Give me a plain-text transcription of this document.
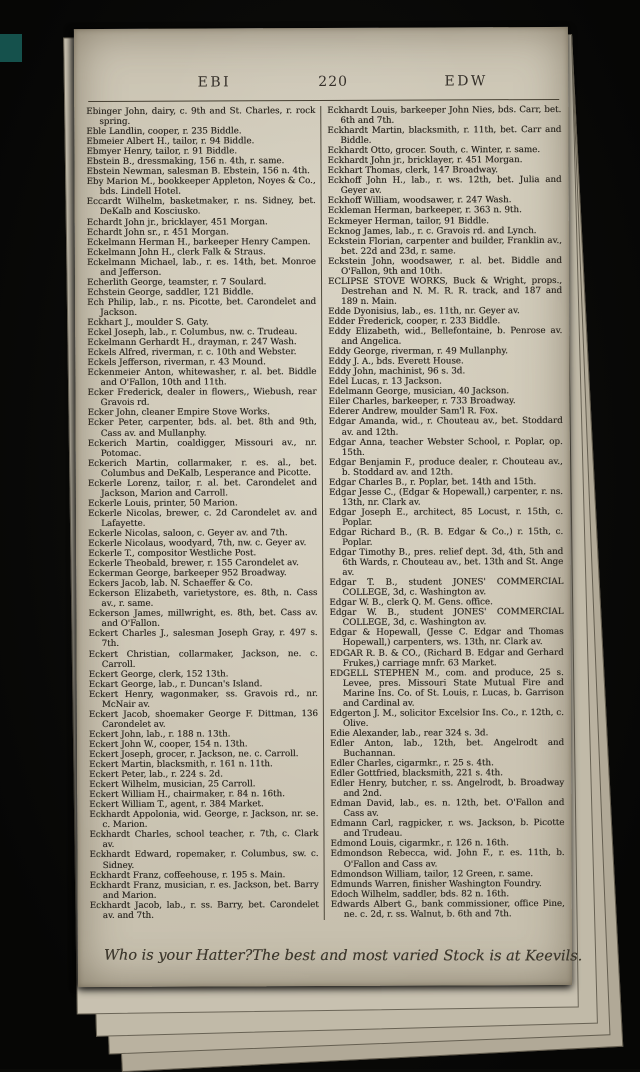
EBI	220	EDW
Ebinger John, dairy, c. 9th and St. Charles, r. rock spring.
Eble Landlin, cooper, r. 235 Biddle.
Ebmeier Albert H., tailor, r. 94 Biddle.
Ebmyer Henry, tailor, r. 91 Biddle.
Ebstein B., dressmaking, 156 n. 4th, r. same.
Ebstein Newman, salesman B. Ebstein, 156 n. 4th.
Eby Marion M., bookkeeper Appleton, Noyes & Co., bds. Lindell Hotel.
Eccardt Wilhelm, basketmaker, r. ns. Sidney, bet. DeKalb and Kosciusko.
Echardt John jr., bricklayer, 451 Morgan.
Echardt John sr., r. 451 Morgan.
Eckelmann Herman H., barkeeper Henry Campen.
Eckelmann John H., clerk Falk & Straus.
Eckelmann Michael, lab., r. es. 14th, bet. Monroe and Jefferson.
Echerlith George, teamster, r. 7 Soulard.
Echstein George, saddler, 121 Biddle.
Ech Philip, lab., r. ns. Picotte, bet. Carondelet and Jackson.
Eckhart J., moulder S. Gaty.
Eckel Joseph, lab., r. Columbus, nw. c. Trudeau.
Eckelmann Gerhardt H., drayman, r. 247 Wash.
Eckels Alfred, riverman, r. c. 10th and Webster.
Eckels Jefferson, riverman, r. 43 Mound.
Eckenmeier Anton, whitewasher, r. al. bet. Biddle and O'Fallon, 10th and 11th.
Ecker Frederick, dealer in flowers,, Wiebush, rear Gravois rd.
Ecker John, cleaner Empire Stove Works.
Ecker Peter, carpenter, bds. al. bet. 8th and 9th, Cass av. and Mullanphy.
Eckerich Martin, coaldigger, Missouri av., nr. Potomac.
Eckerich Martin, collarmaker, r. es. al., bet. Columbus and DeKalb, Lesperance and Picotte.
Eckerle Lorenz, tailor, r. al. bet. Carondelet and Jackson, Marion and Carroll.
Eckerle Louis, printer, 50 Marion.
Eckerle Nicolas, brewer, c. 2d Carondelet av. and Lafayette.
Eckerle Nicolas, saloon, c. Geyer av. and 7th.
Eckerle Nicolaus, woodyard, 7th, nw. c. Geyer av.
Eckerle T., compositor Westliche Post.
Eckerle Theobald, brewer, r. 155 Carondelet av.
Eckerman George, barkeeper 952 Broadway.
Eckers Jacob, lab. N. Schaeffer & Co.
Eckerson Elizabeth, varietystore, es. 8th, n. Cass av., r. same.
Eckerson James, millwright, es. 8th, bet. Cass av. and O'Fallon.
Eckert Charles J., salesman Joseph Gray, r. 497 s. 7th.
Eckert Christian, collarmaker, Jackson, ne. c. Carroll.
Eckert George, clerk, 152 13th.
Eckart George, lab., r. Duncan's Island.
Eckert Henry, wagonmaker, ss. Gravois rd., nr. McNair av.
Eckert Jacob, shoemaker George F. Dittman, 136 Carondelet av.
Eckert John, lab., r. 188 n. 13th.
Eckert John W., cooper, 154 n. 13th.
Eckert Joseph, grocer, r. Jackson, ne. c. Carroll.
Eckert Martin, blacksmith, r. 161 n. 11th.
Eckert Peter, lab., r. 224 s. 2d.
Eckert Wilhelm, musician, 25 Carroll.
Eckert William H., chairmaker, r. 84 n. 16th.
Eckert William T., agent, r. 384 Market.
Eckhardt Appolonia, wid. George, r. Jackson, nr. se. c. Marion.
Eckhardt Charles, school teacher, r. 7th, c. Clark av.
Eckhardt Edward, ropemaker, r. Columbus, sw. c. Sidney.
Eckhardt Franz, coffeehouse, r. 195 s. Main.
Eckhardt Franz, musician, r. es. Jackson, bet. Barry and Marion.
Eckhardt Jacob, lab., r. ss. Barry, bet. Carondelet av. and 7th.
Eckhardt Louis, barkeeper John Nies, bds. Carr, bet. 6th and 7th.
Eckhardt Martin, blacksmith, r. 11th, bet. Carr and Biddle.
Eckhardt Otto, grocer. South, c. Winter, r. same.
Eckhardt John jr., bricklayer, r. 451 Morgan.
Eckhart Thomas, clerk, 147 Broadway.
Eckhoff John H., lab., r. ws. 12th, bet. Julia and Geyer av.
Eckhoff William, woodsawer, r. 247 Wash.
Eckleman Herman, barkeeper, r. 363 n. 9th.
Eckmeyer Herman, tailor, 91 Biddle.
Ecknog James, lab., r. c. Gravois rd. and Lynch.
Eckstein Florian, carpenter and builder, Franklin av., bet. 22d and 23d, r. same.
Eckstein John, woodsawer, r. al. bet. Biddle and O'Fallon, 9th and 10th.
ECLIPSE STOVE WORKS, Buck & Wright, props., Destrehan and N. M. R. R. track, and 187 and 189 n. Main.
Edde Dyonisius, lab., es. 11th, nr. Geyer av.
Edder Frederick, cooper, r. 233 Biddle.
Eddy Elizabeth, wid., Bellefontaine, b. Penrose av. and Angelica.
Eddy George, riverman, r. 49 Mullanphy.
Eddy J. A., bds. Everett House.
Eddy John, machinist, 96 s. 3d.
Edel Lucas, r. 13 Jackson.
Edelmann George, musician, 40 Jackson.
Eiler Charles, barkeeper, r. 733 Broadway.
Ederer Andrew, moulder Sam'l R. Fox.
Edgar Amanda, wid., r. Chouteau av., bet. Stoddard av. and 12th.
Edgar Anna, teacher Webster School, r. Poplar, op. 15th.
Edgar Benjamin F., produce dealer, r. Chouteau av., b. Stoddard av. and 12th.
Edgar Charles B., r. Poplar, bet. 14th and 15th.
Edgar Jesse C., (Edgar & Hopewall,) carpenter, r. ns. 13th, nr. Clark av.
Edgar Joseph E., architect, 85 Locust, r. 15th, c. Poplar.
Edgar Richard B., (R. B. Edgar & Co.,) r. 15th, c. Poplar.
Edgar Timothy B., pres. relief dept. 3d, 4th, 5th and 6th Wards, r. Chouteau av., bet. 13th and St. Ange av.
Edgar T. B., student JONES' COMMERCIAL COLLEGE, 3d, c. Washington av.
Edgar W. B., clerk Q. M. Gens. office.
Edgar W. B., student JONES' COMMERCIAL COLLEGE, 3d, c. Washington av.
Edgar & Hopewall, (Jesse C. Edgar and Thomas Hopewall,) carpenters, ws. 13th, nr. Clark av.
EDGAR R. B. & CO., (Richard B. Edgar and Gerhard Frukes,) carriage mnfr. 63 Market.
EDGELL STEPHEN M., com. and produce, 25 s. Levee, pres. Missouri State Mutual Fire and Marine Ins. Co. of St. Louis, r. Lucas, b. Garrison and Cardinal av.
Edgerton J. M., solicitor Excelsior Ins. Co., r. 12th, c. Olive.
Edie Alexander, lab., rear 324 s. 3d.
Edler Anton, lab., 12th, bet. Angelrodt and Buchannan.
Edler Charles, cigarmkr., r. 25 s. 4th.
Edler Gottfried, blacksmith, 221 s. 4th.
Edler Henry, butcher, r. ss. Angelrodt, b. Broadway and 2nd.
Edman David, lab., es. n. 12th, bet. O'Fallon and Cass av.
Edmann Carl, ragpicker, r. ws. Jackson, b. Picotte and Trudeau.
Edmond Louis, cigarmkr., r. 126 n. 16th.
Edmondson Rebecca, wid. John F., r. es. 11th, b. O'Fallon and Cass av.
Edmondson William, tailor, 12 Green, r. same.
Edmunds Warren, finisher Washington Foundry.
Edoch Wilhelm, saddler, bds. 82 n. 16th.
Edwards Albert G., bank commissioner, office Pine, ne. c. 2d, r. ss. Walnut, b. 6th and 7th.
Who is your Hatter? The best and most varied Stock is at Keevils.
